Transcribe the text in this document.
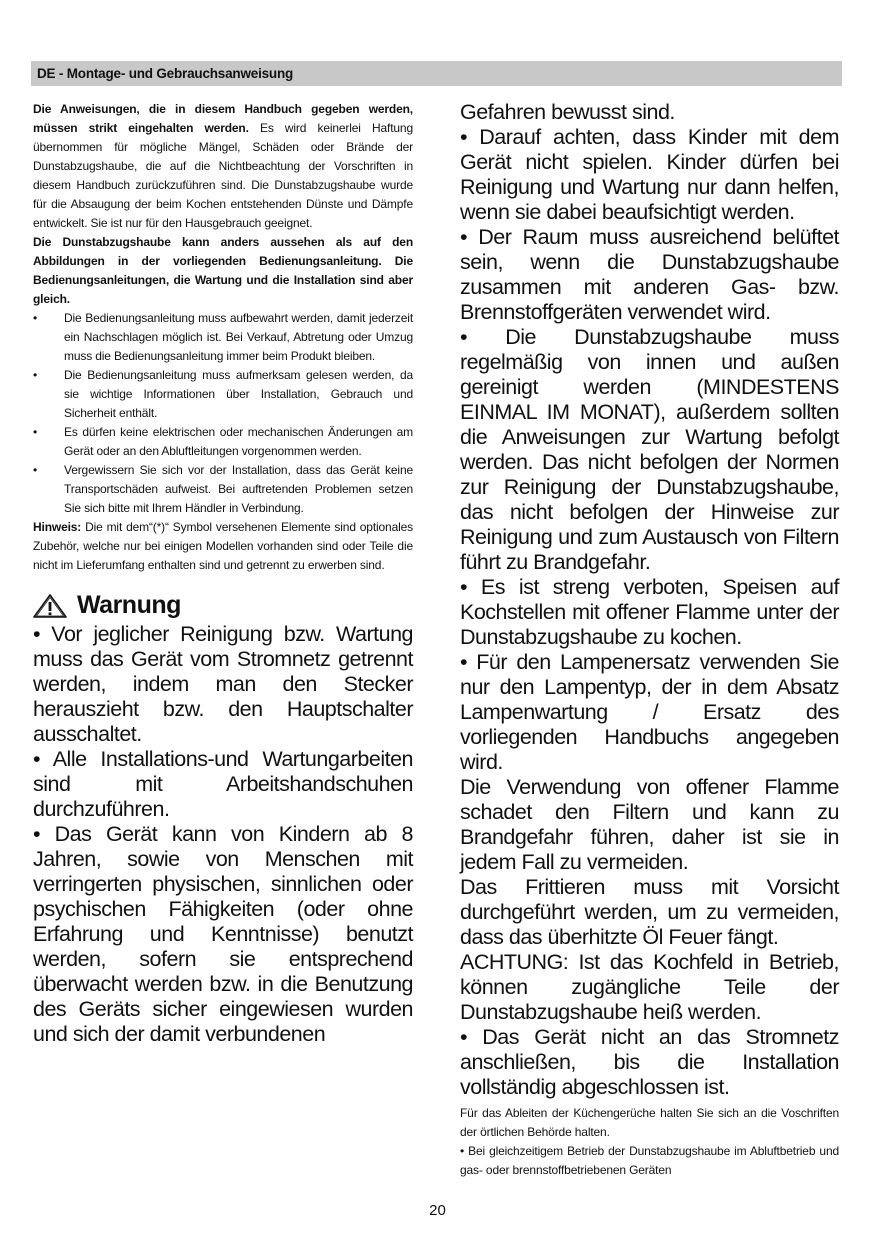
DE - Montage- und Gebrauchsanweisung

Die Anweisungen, die in diesem Handbuch gegeben werden, müssen strikt eingehalten werden. Es wird keinerlei Haftung übernommen für mögliche Mängel, Schäden oder Brände der Dunstabzugshaube, die auf die Nichtbeachtung der Vorschriften in diesem Handbuch zurückzuführen sind. Die Dunstabzugshaube wurde für die Absaugung der beim Kochen entstehenden Dünste und Dämpfe entwickelt. Sie ist nur für den Hausgebrauch geeignet.

Die Dunstabzugshaube kann anders aussehen als auf den Abbildungen in der vorliegenden Bedienungsanleitung. Die Bedienungsanleitungen, die Wartung und die Installation sind aber gleich.

• Die Bedienungsanleitung muss aufbewahrt werden, damit jederzeit ein Nachschlagen möglich ist. Bei Verkauf, Abtretung oder Umzug muss die Bedienungsanleitung immer beim Produkt bleiben.
• Die Bedienungsanleitung muss aufmerksam gelesen werden, da sie wichtige Informationen über Installation, Gebrauch und Sicherheit enthält.
• Es dürfen keine elektrischen oder mechanischen Änderungen am Gerät oder an den Abluftleitungen vorgenommen werden.
• Vergewissern Sie sich vor der Installation, dass das Gerät keine Transportschäden aufweist. Bei auftretenden Problemen setzen Sie sich bitte mit Ihrem Händler in Verbindung.

Hinweis: Die mit dem“(*)“ Symbol versehenen Elemente sind optionales Zubehör, welche nur bei einigen Modellen vorhanden sind oder Teile die nicht im Lieferumfang enthalten sind und getrennt zu erwerben sind.

Warnung

• Vor jeglicher Reinigung bzw. Wartung muss das Gerät vom Stromnetz getrennt werden, indem man den Stecker herauszieht bzw. den Hauptschalter ausschaltet.

• Alle Installations-und Wartungarbeiten sind mit Arbeitshandschuhen durchzuführen.

• Das Gerät kann von Kindern ab 8 Jahren, sowie von Menschen mit verringerten physischen, sinnlichen oder psychischen Fähigkeiten (oder ohne Erfahrung und Kenntnisse) benutzt werden, sofern sie entsprechend überwacht werden bzw. in die Benutzung des Geräts sicher eingewiesen wurden und sich der damit verbundenen

Gefahren bewusst sind.

• Darauf achten, dass Kinder mit dem Gerät nicht spielen. Kinder dürfen bei Reinigung und Wartung nur dann helfen, wenn sie dabei beaufsichtigt werden.

• Der Raum muss ausreichend belüftet sein, wenn die Dunstabzugshaube zusammen mit anderen Gas- bzw. Brennstoffgeräten verwendet wird.

• Die Dunstabzugshaube muss regelmäßig von innen und außen gereinigt werden (MINDESTENS EINMAL IM MONAT), außerdem sollten die Anweisungen zur Wartung befolgt werden. Das nicht befolgen der Normen zur Reinigung der Dunstabzugshaube, das nicht befolgen der Hinweise zur Reinigung und zum Austausch von Filtern führt zu Brandgefahr.

• Es ist streng verboten, Speisen auf Kochstellen mit offener Flamme unter der Dunstabzugshaube zu kochen.

• Für den Lampenersatz verwenden Sie nur den Lampentyp, der in dem Absatz Lampenwartung / Ersatz des vorliegenden Handbuchs angegeben wird.

Die Verwendung von offener Flamme schadet den Filtern und kann zu Brandgefahr führen, daher ist sie in jedem Fall zu vermeiden.

Das Frittieren muss mit Vorsicht durchgeführt werden, um zu vermeiden, dass das überhitzte Öl Feuer fängt.

ACHTUNG: Ist das Kochfeld in Betrieb, können zugängliche Teile der Dunstabzugshaube heiß werden.

• Das Gerät nicht an das Stromnetz anschließen, bis die Installation vollständig abgeschlossen ist.

Für das Ableiten der Küchengerüche halten Sie sich an die Voschriften der örtlichen Behörde halten.

• Bei gleichzeitigem Betrieb der Dunstabzugshaube im Abluftbetrieb und gas- oder brennstoffbetriebenen Geräten

20
